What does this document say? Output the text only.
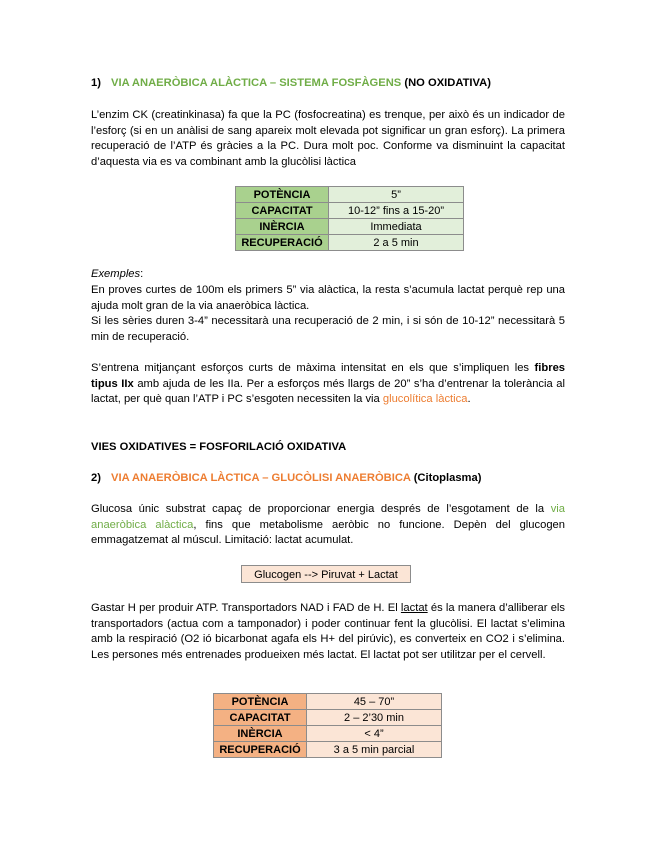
1) VIA ANAERÒBICA ALÀCTICA – SISTEMA FOSFÀGENS (NO OXIDATIVA)

L’enzim CK (creatinkinasa) fa que la PC (fosfocreatina) es trenque, per això és un indicador de l’esforç (si en un anàlisi de sang apareix molt elevada pot significar un gran esforç). La primera recuperació de l’ATP és gràcies a la PC. Dura molt poc. Conforme va disminuint la capacitat d’aquesta via es va combinant amb la glucòlisi làctica

POTÈNCIA	5”
CAPACITAT	10-12” fins a 15-20”
INÈRCIA	Immediata
RECUPERACIÓ	2 a 5 min
Exemples:

En proves curtes de 100m els primers 5” via alàctica, la resta s’acumula lactat perquè rep una ajuda molt gran de la via anaeròbica làctica.

Si les sèries duren 3-4” necessitarà una recuperació de 2 min, i si són de 10-12” necessitarà 5 min de recuperació.

S’entrena mitjançant esforços curts de màxima intensitat en els que s’impliquen les fibres tipus IIx amb ajuda de les IIa. Per a esforços més llargs de 20” s’ha d’entrenar la tolerància al lactat, per què quan l’ATP i PC s’esgoten necessiten la via glucolítica làctica.

VIES OXIDATIVES = FOSFORILACIÓ OXIDATIVA
2) VIA ANAERÒBICA LÀCTICA – GLUCÒLISI ANAERÒBICA (Citoplasma)

Glucosa únic substrat capaç de proporcionar energia després de l’esgotament de la via anaeròbica alàctica, fins que metabolisme aeròbic no funcione. Depèn del glucogen emmagatzemat al múscul. Limitació: lactat acumulat.

Glucogen --> Piruvat + Lactat

Gastar H per produir ATP. Transportadors NAD i FAD de H. El lactat és la manera d’alliberar els transportadors (actua com a tamponador) i poder continuar fent la glucòlisi. El lactat s’elimina amb la respiració (O2 ió bicarbonat agafa els H+ del pirúvic), es converteix en CO2 i s’elimina. Les persones més entrenades produeixen més lactat. El lactat pot ser utilitzar per el cervell.

POTÈNCIA	45 – 70”
CAPACITAT	2 – 2’30 min
INÈRCIA	< 4”
RECUPERACIÓ	3 a 5 min parcial
